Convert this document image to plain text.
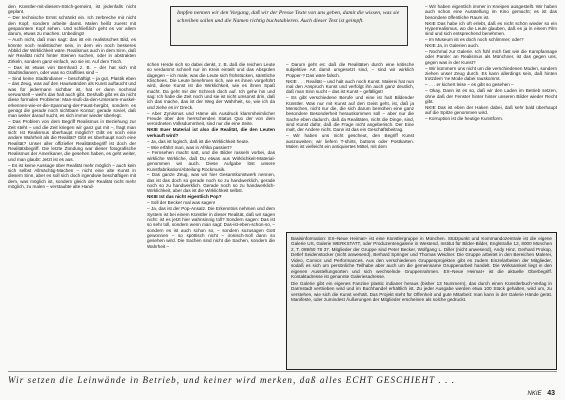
den Künstler-mit-diesem-Strich-gemeint, ist jedenfalls nicht geplant.

– Der technische Ernst schränkt ein. Ich zerbreche mir nicht den Kopf, sondern arbeite damit. Malen heißt zuerst mit gespanntem Kopf sehen. Und schließlich geht es vor allem darum, etwas zu machen. Unbedingt!

– Auch nicht, daß man sagt: das ist ein realistisches Bild, es könnte noch realistischer sein, in dem ein noch besseres Abbild der Wirklichkeit wäre. Realismus auch in dem Sinn, daß wir Realität nicht hinter Steinen suchen, oder in abstrakten Zirkeln, sondern ganz einfach, wo sie ist. Auf dem Tisch.

– Das ist etwas von Bernhard z. B. – der hat sich mit Stadtindianern, oder was so Graffities sind –

– Sind keine Stadtindianer – beschäftigt – ja gut, Plastik eben – das Zeug, was auf den Hauswänden als Kunst auftaucht und was für jedermann sichtbar ist, hat er dann nochmal verwurstelt – weil's das halt auch gibt. Deshalb gibt es da nicht diese formalen Probleme: Man-muß-da-den-Unterarm-muskel-erkennen-wie-er-die-Spannung-der-Faust-hergibt, sondern es genügt die gerade noch sichtbare Kontur; gerade soviel, daß man weiter darauf sucht, es sich immer wieder überlegt.

– Das Problem von dem Begriff Realismus in Beziehung zur Zeit steht – und die Zeit kriegen wir ganz gut mit –, fragt man sich: Ist Realismus überhaupt möglich? Gibt es noch eine andere Wahrheit als die Realität? Gibt es überhaupt noch eine Realität? Unser aller offizieller Realitätsbegriff ist doch der Realitätsbegriff. Die letzte Zündung war dieser fotografische Realismus der Amerikaner, die gesehen haben, es geht weiter, und man glaubt: Jetzt ist es aus.

– Es ist keine Aussage über Realität mehr möglich – auch kein sich selbst Allmächtig-Machen – nicht eine alte Kunst in diesem Sinn, aber es soll sich doch irgendwie beschäftigen mit dem, was möglich ist, sondern gleich der Realität nicht mehr möglich, zu malen – verstaubte alte Hand-

Impfen nennen wir den Vorgang, daß wir der Presse Texte von uns geben, damit die wissen, was sie schreiben sollen und die Namen richtig buchstabieren. Auch dieser Text ist geimpft.

schen Herde sich so dabei denkt, z. B. daß die reichen Leute so verdammt schnell nur im Kreis einteilt und das Abspülen dagegen – ich male, was die Leute sich frühstücken, sämtliche Klischees. Die Leute benehmen sich, wie es ihnen vorgeführt wird, diese Kunst ist die Wirklichkeit, wie es ihnen Spaß macht. Da geht mir der Schreck doch auf. Ich gehe hin und sag: Ich habe die Zeit noch und sie ist nicht umsonst drin, daß ich das mache, das ist der Weg der Wahrheit, so, wie ich da und ziehe es in' Dreck.

– Aber Zynismus und Häme als Ausdruck klammheimlicher Freude über den herrschenden Status Quo der von dem verordneten Volksdummheit, sind nur die eine Seite.

NKIE Euer Material ist also die Realität, die den Leuten verkauft wird?

– Ja, das ist logisch, daß ist die Wirklichkeit heute.

– Wie erfährt man, was in Afrika passiert?

– Fernsehen macht satt, und die Bilder rasseln vorbei, das wirkliche Wirkliche, daß Du etwas aus Wirklichkeit-Material-genommen wir auch. Diese Aufgabe löst unsere Kunstfabrikation/Abteilung Rockmusik.

– Das ganze Zeug, was wir hier Gesamtkunstwerk nennen, das ist das doch so gerade noch so zu handwerklich, gerade noch so zu handwerklich. Gerade noch so zu handwerklich-Wirklichkeit, aber das ist die Wirklichkeit selbst.

NKIE Ist das nicht eigentlich Pop?

– Soll der Becker mal was sagen!

– Ja, das ist der Pop-Ansatz. Die Erkenntnis nehmen und dem System ist bei einem Künstler in dieser Realität, daß wir sagen nicht: ist es jetzt hier wahnsinnig toll? Sondern sagen: Das ist so sehr toll, sondern wenn man sagt: Das-ist-eben-schon-so, – sondern es ist auch schon so, – sondern sozusagen Gott gewonnen – so spöttisch nicht – ironisch-Soll dann so gesehen wird. Die Sachen sind nicht die Sachen, sondern die Wahrheit –

– Darum geht es: daß die Realitäten durch eine kritische subjektive Art damit umgesetzt sind, – sind wir wirklich Popper-? Das wäre falsch.

NKIE . . . Realität – und halt auch noch Kunst. Malerei hat nun mal den Anspruch Kunst und verfolgt ihn auch ganz deutlich, daß man Sinn sucht – das ist Kunst – gefälligst!

– Es gibt verschiedene Berufe und eine ist halt Bildender Künstler. Was nur mit Kunst auf den Geist geht, ist, daß ja Menschen, nicht nur die, die sich darum bemühen eine ganz besondere Besonderheit herauskommen soll – aber nur die Sache eben dadurch, daß da Realitäten, nicht die Dinge, sind, sind Kunst dafür, daß die Frage nicht angeberisch. Der Eine malt, der Andere nicht. Dann ist das ein Geschäftsbeitrag.

– Wir haben uns nicht gescheut, den Begriff Kunst auszuweiten; wir liefern T-shirts, buttons oder Postkarten. Malen ist vielleicht ein antiquiertes Mittel, mit dem

– Wir haben eigentlich immer in Kneipen ausgestellt. Wir haben auch schon eine Ausstellung im Kino gemacht; es ist das besondere öffentliche Raum ist.

NKIE Das habe ich oft erlebt, daß es nicht schön wieder so ein Hyperrealismus, wo die Leute glauben, daß es ja in einem Film sind und sich entsprechend benehmen.

– Im Museum ist es doch noch schlimmer, oder?

NKIE Ja, in Galerien auch.

– Nochmal zur Galerie. Ich fühl mich fast wie die Kampfansage oder Parole: an Realismus als Münchner, ist das gegen uns, gegen was in der Kunst?

– Wir kümmern uns nicht um die verschiedenen Moden, sondern ziehen unser Zeug durch. Es kann allerdings sein, daß hinten trotzdem 'ne Mode dabei rauskommt.

– . . . er kichert leise – es gibt so gesehen –

– Okay. Dann ist es so, daß wir den Laden im Betrieb setzen, ohne daß der Fenster hinter hinter unseren Bilder wieder Recht gibt.

NKIE Das ist eben der Haken dabei, daß sehr bald überhaupt auf die Spitze genommen wird.

– Korruption ist die heutige Kunstform.

Basisinformation: EX–Neue Heimat+ ist eine Künstlergruppe in München. Stützpunkt und Kommandozentrale ist die eigene Galerie US, Galerie WERKSTATT, oder Produzentengalerie in Westend, Institut für Bilder-Bilder, Englstraße 12, 8000 München 2, T. 089/50 78 37. Mitglieder der Gruppe sind Peter Becker, Wolfgang L. Diller (nicht anwesend), Andy Hinz, Gerhard Prokop, Detlef Seidenstücker (nicht anwesend), Berhard Springer und Thomas Weidner. Die Gruppe arbeitet in den Bereichen Malerei, Video, Comics und Performances. Aus den verschiedenen Gruppenprojekten gibt es zudem Einzelarbeiten der Mitglieder, sodaß es sich um persönliche Teilhabe aber auch um die gemeinsame Gruppenarbeit handelt. Die Wirksamkeit liegt in den eigenen Ausstellungsorten und sich wechselnde Gruppenrahmen. EX–Neue Heimat+ ist die aktuelle Oberbegriff. Kontaktadresse ist genannte Galeriesadresse.

Die Galerie gibt ein eigenes Fanzine plastic indianer heraus (bisher 13 Nummern), das durch einen Künstlerbuch-Verlag in Darmstadt vertrieben wird und im Buchhandel erhältlich ist. Zu jeder Ausgabe werden etwa 100 Stück gehalten, wird um, zu verstehen, wie sich die Kunst verhält. Das Projekt steht für Offenheit und gute Mitarbeit: man kann in der Galerie Hände gerät. Manifeste, oder zumindest Äußerungen der Mitglieder erscheinen als solche gedruckt.

Wir setzen die Leinwände in Betrieb, und keiner wird merken, daß alles ECHT GESCHIEHT . . .
NKIE 43
